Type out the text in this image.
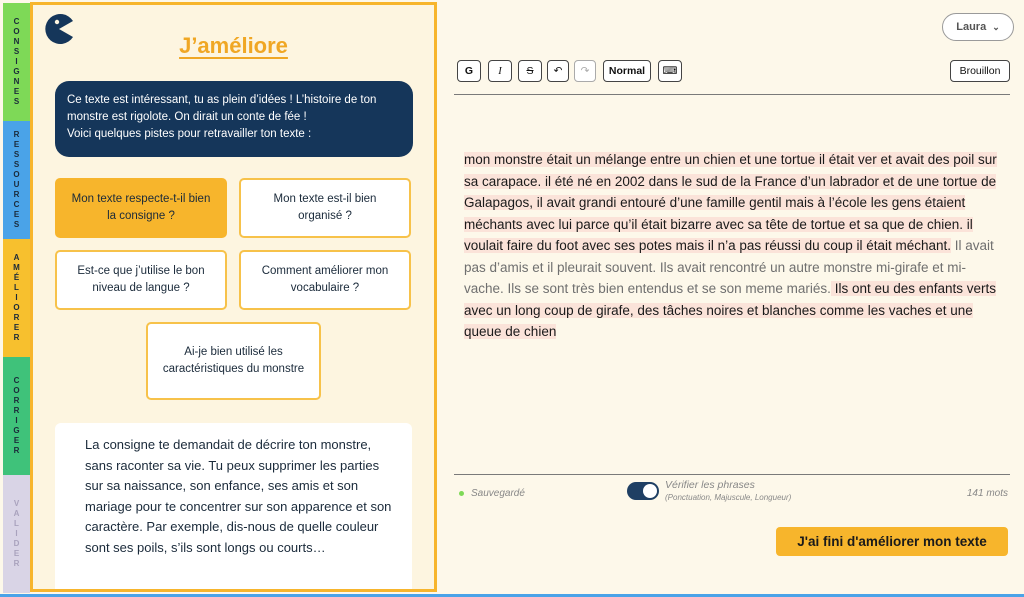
CONSIGNES
RESSOURCES
AMÉLIORER
CORRIGER
VALIDER
J’améliore
Ce texte est intéressant, tu as plein d’idées ! L’histoire de ton monstre est rigolote. On dirait un conte de fée !
Voici quelques pistes pour retravailler ton texte :
Mon texte respecte-t-il bien la consigne ?
Mon texte est-il bien organisé ?
Est-ce que j’utilise le bon niveau de langue ?
Comment améliorer mon vocabulaire ?
Ai-je bien utilisé les caractéristiques du monstre
La consigne te demandait de décrire ton monstre, sans raconter sa vie. Tu peux supprimer les parties sur sa naissance, son enfance, ses amis et son mariage pour te concentrer sur son apparence et son caractère. Par exemple, dis-nous de quelle couleur sont ses poils, s’ils sont longs ou courts…
Laura ⌄
G	I	S	↶	↷	Normal	⌨	Brouillon
mon monstre était un mélange entre un chien et une tortue il était ver et avait des poil sur sa carapace. il été né en 2002 dans le sud de la France d’un labrador et de une tortue de Galapagos, il avait grandi entouré d’une famille gentil mais à l’école les gens étaient méchants avec lui parce qu’il était bizarre avec sa tête de tortue et sa que de chien. il voulait faire du foot avec ses potes mais il n’a pas réussi du coup il était méchant. Il avait pas d’amis et il pleurait souvent. Ils avait rencontré un autre monstre mi-girafe et mi-vache. Ils se sont très bien entendus et se son meme mariés. Ils ont eu des enfants verts avec un long coup de girafe, des tâches noires et blanches comme les vaches et une queue de chien
Sauvegardé
Vérifier les phrases
(Ponctuation, Majuscule, Longueur)	141 mots
J'ai fini d'améliorer mon texte
